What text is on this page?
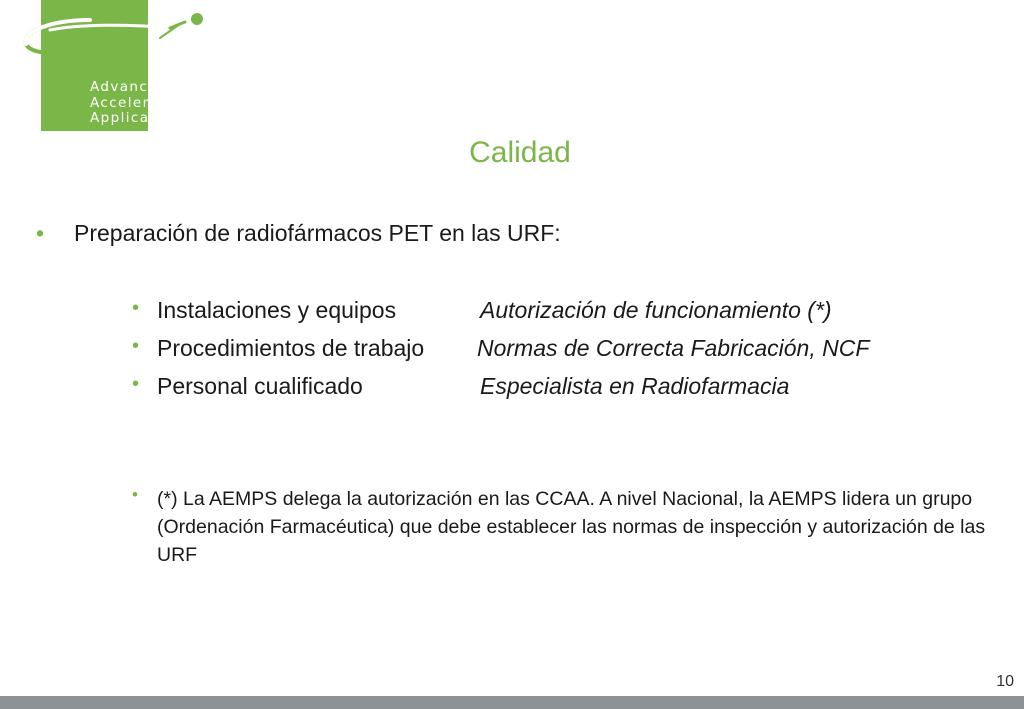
Advanced
Accelerator
Applications
Calidad
• Preparación de radiofármacos PET en las URF:
• Instalaciones y equipos	Autorización de funcionamiento (*)
• Procedimientos de trabajo Normas de Correcta Fabricación, NCF
• Personal cualificado	Especialista en Radiofarmacia
• (*) La AEMPS delega la autorización en las CCAA. A nivel Nacional, la AEMPS lidera un grupo (Ordenación Farmacéutica) que debe establecer las normas de inspección y autorización de las URF
10
